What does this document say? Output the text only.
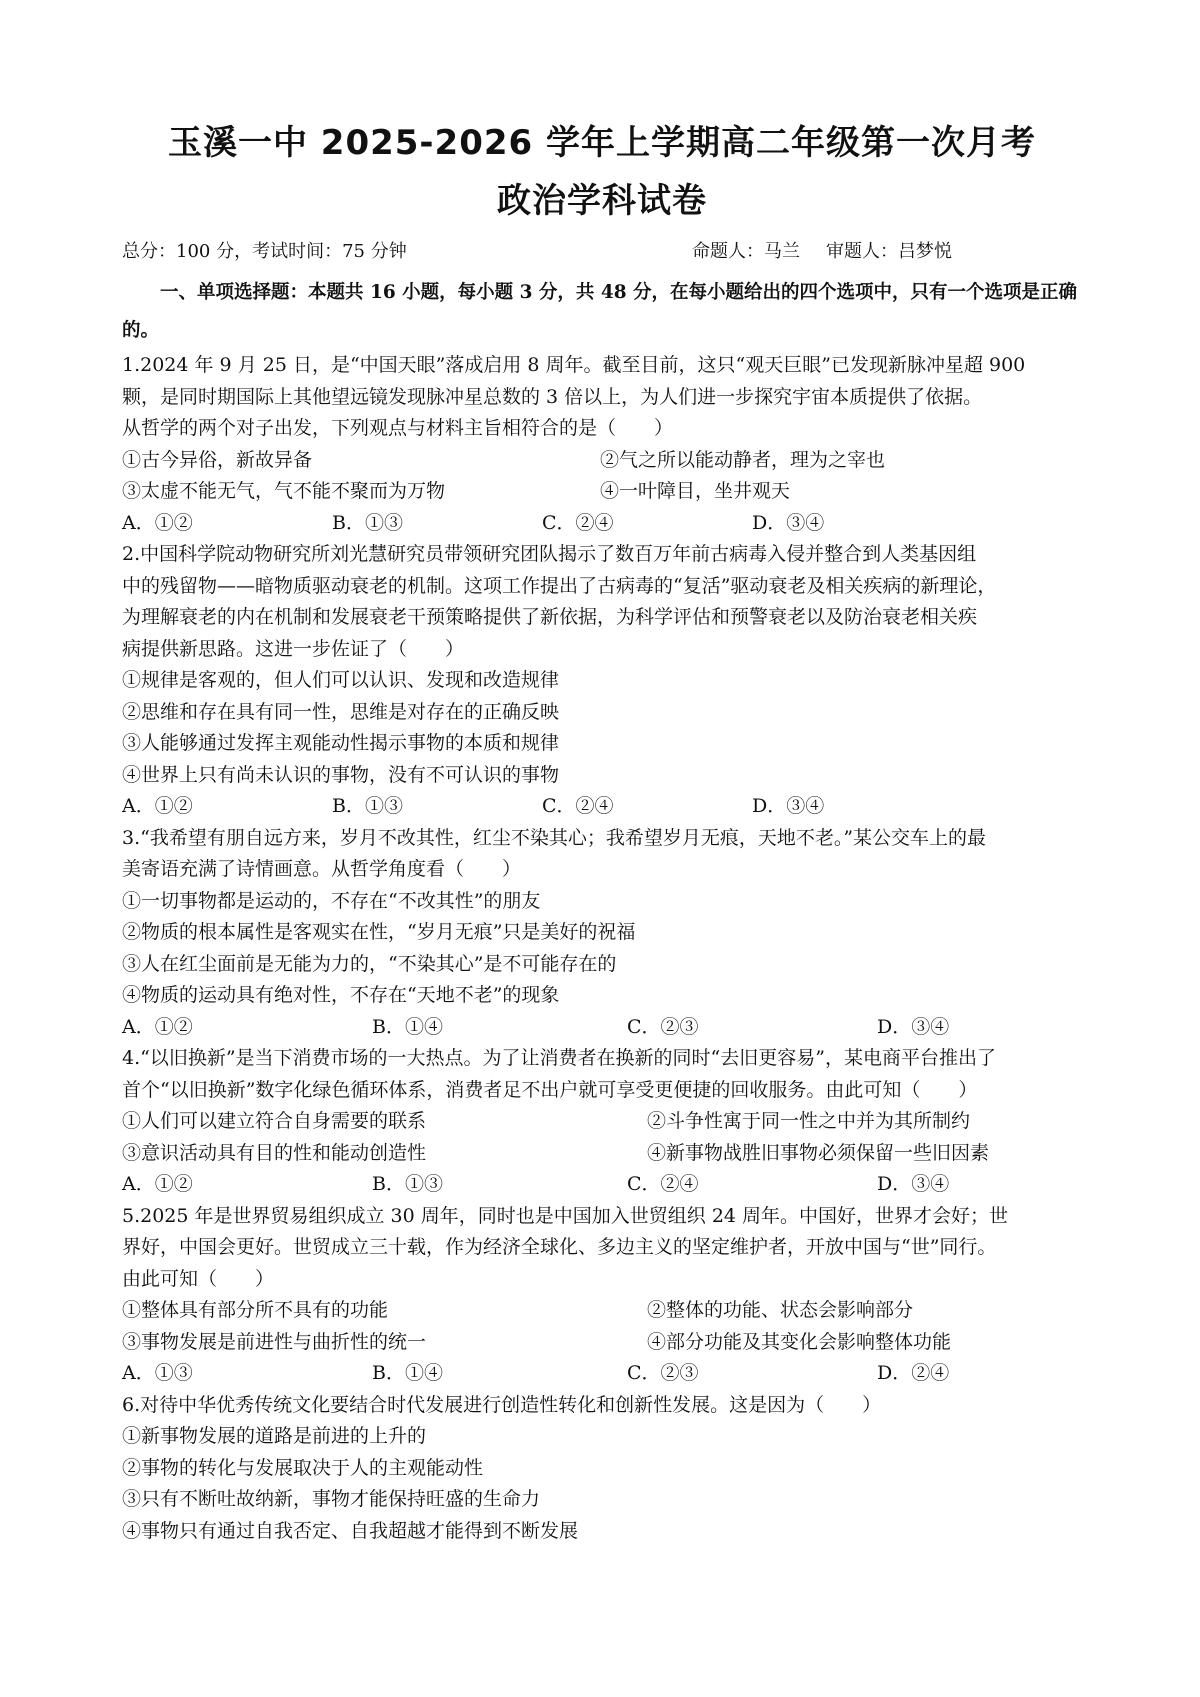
玉溪一中 2025-2026 学年上学期高二年级第一次月考
政治学科试卷
总分：100 分，考试时间：75 分钟	命题人：马兰 审题人：吕梦悦
一、单项选择题：本题共 16 小题，每小题 3 分，共 48 分，在每小题给出的四个选项中，只有一个选项是正确的。
1.2024 年 9 月 25 日，是“中国天眼”落成启用 8 周年。截至目前，这只“观天巨眼”已发现新脉冲星超 900
颗，是同时期国际上其他望远镜发现脉冲星总数的 3 倍以上，为人们进一步探究宇宙本质提供了依据。
从哲学的两个对子出发，下列观点与材料主旨相符合的是（　　）
①古今异俗，新故异备	②气之所以能动静者，理为之宰也
③太虚不能无气，气不能不聚而为万物	④一叶障目，坐井观天
A．①②	B．①③	C．②④	D．③④
2.中国科学院动物研究所刘光慧研究员带领研究团队揭示了数百万年前古病毒入侵并整合到人类基因组
中的残留物——暗物质驱动衰老的机制。这项工作提出了古病毒的“复活”驱动衰老及相关疾病的新理论，
为理解衰老的内在机制和发展衰老干预策略提供了新依据，为科学评估和预警衰老以及防治衰老相关疾
病提供新思路。这进一步佐证了（　　）
①规律是客观的，但人们可以认识、发现和改造规律
②思维和存在具有同一性，思维是对存在的正确反映
③人能够通过发挥主观能动性揭示事物的本质和规律
④世界上只有尚未认识的事物，没有不可认识的事物
A．①②	B．①③	C．②④	D．③④
3.“我希望有朋自远方来，岁月不改其性，红尘不染其心；我希望岁月无痕，天地不老。”某公交车上的最
美寄语充满了诗情画意。从哲学角度看（　　）
①一切事物都是运动的，不存在“不改其性”的朋友
②物质的根本属性是客观实在性，“岁月无痕”只是美好的祝福
③人在红尘面前是无能为力的，“不染其心”是不可能存在的
④物质的运动具有绝对性，不存在“天地不老”的现象
A．①②	B．①④	C．②③	D．③④
4.“以旧换新”是当下消费市场的一大热点。为了让消费者在换新的同时“去旧更容易”，某电商平台推出了
首个“以旧换新”数字化绿色循环体系，消费者足不出户就可享受更便捷的回收服务。由此可知（　　）
①人们可以建立符合自身需要的联系	②斗争性寓于同一性之中并为其所制约
③意识活动具有目的性和能动创造性	④新事物战胜旧事物必须保留一些旧因素
A．①②	B．①③	C．②④	D．③④
5.2025 年是世界贸易组织成立 30 周年，同时也是中国加入世贸组织 24 周年。中国好，世界才会好；世
界好，中国会更好。世贸成立三十载，作为经济全球化、多边主义的坚定维护者，开放中国与“世”同行。
由此可知（　　）
①整体具有部分所不具有的功能	②整体的功能、状态会影响部分
③事物发展是前进性与曲折性的统一	④部分功能及其变化会影响整体功能
A．①③	B．①④	C．②③	D．②④
6.对待中华优秀传统文化要结合时代发展进行创造性转化和创新性发展。这是因为（　　）
①新事物发展的道路是前进的上升的
②事物的转化与发展取决于人的主观能动性
③只有不断吐故纳新，事物才能保持旺盛的生命力
④事物只有通过自我否定、自我超越才能得到不断发展
